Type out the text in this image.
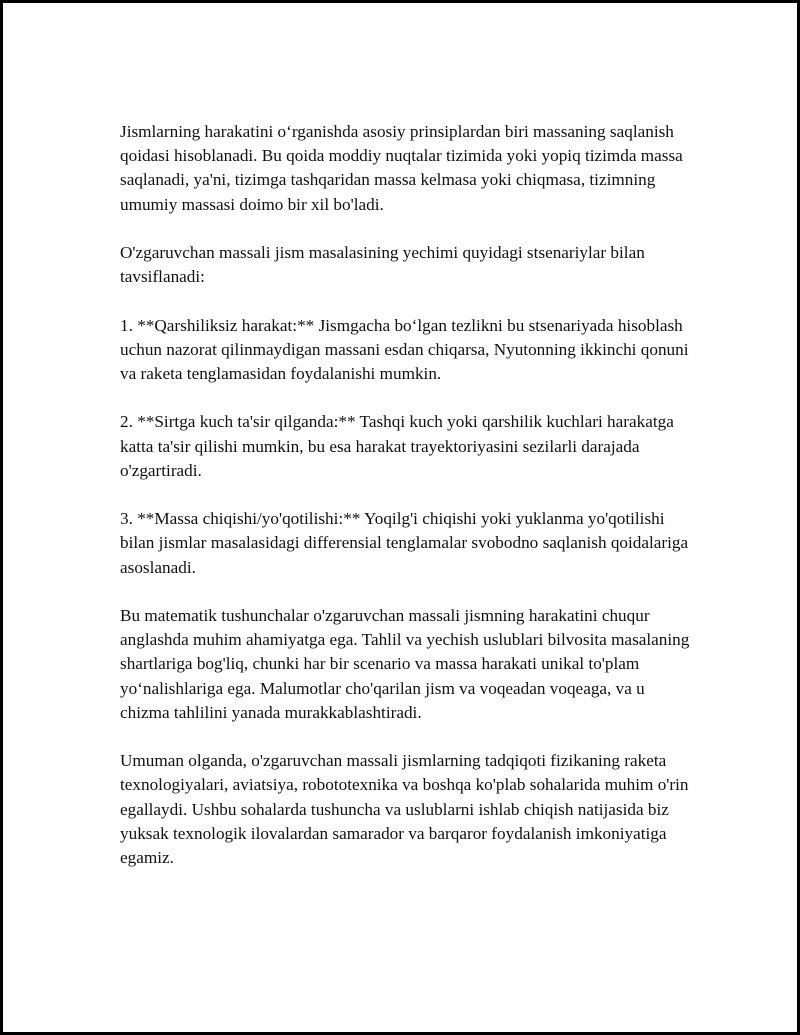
Jismlarning harakatini o‘rganishda asosiy prinsiplardan biri massaning saqlanish qoidasi hisoblanadi. Bu qoida moddiy nuqtalar tizimida yoki yopiq tizimda massa saqlanadi, ya'ni, tizimga tashqaridan massa kelmasa yoki chiqmasa, tizimning umumiy massasi doimo bir xil bo'ladi.

O'zgaruvchan massali jism masalasining yechimi quyidagi stsenariylar bilan tavsiflanadi:

1. **Qarshiliksiz harakat:** Jismgacha bo‘lgan tezlikni bu stsenariyada hisoblash uchun nazorat qilinmaydigan massani esdan chiqarsa, Nyutonning ikkinchi qonuni va raketa tenglamasidan foydalanishi mumkin.

2. **Sirtga kuch ta'sir qilganda:** Tashqi kuch yoki qarshilik kuchlari harakatga katta ta'sir qilishi mumkin, bu esa harakat trayektoriyasini sezilarli darajada o'zgartiradi.

3. **Massa chiqishi/yo'qotilishi:** Yoqilg'i chiqishi yoki yuklanma yo'qotilishi bilan jismlar masalasidagi differensial tenglamalar svobodno saqlanish qoidalariga asoslanadi.

Bu matematik tushunchalar o'zgaruvchan massali jismning harakatini chuqur anglashda muhim ahamiyatga ega. Tahlil va yechish uslublari bilvosita masalaning shartlariga bog'liq, chunki har bir scenario va massa harakati unikal to'plam yo‘nalishlariga ega. Malumotlar cho'qarilan jism va voqeadan voqeaga, va u chizma tahlilini yanada murakkablashtiradi.

Umuman olganda, o'zgaruvchan massali jismlarning tadqiqoti fizikaning raketa texnologiyalari, aviatsiya, robototexnika va boshqa ko'plab sohalarida muhim o'rin egallaydi. Ushbu sohalarda tushuncha va uslublarni ishlab chiqish natijasida biz yuksak texnologik ilovalardan samarador va barqaror foydalanish imkoniyatiga egamiz.
